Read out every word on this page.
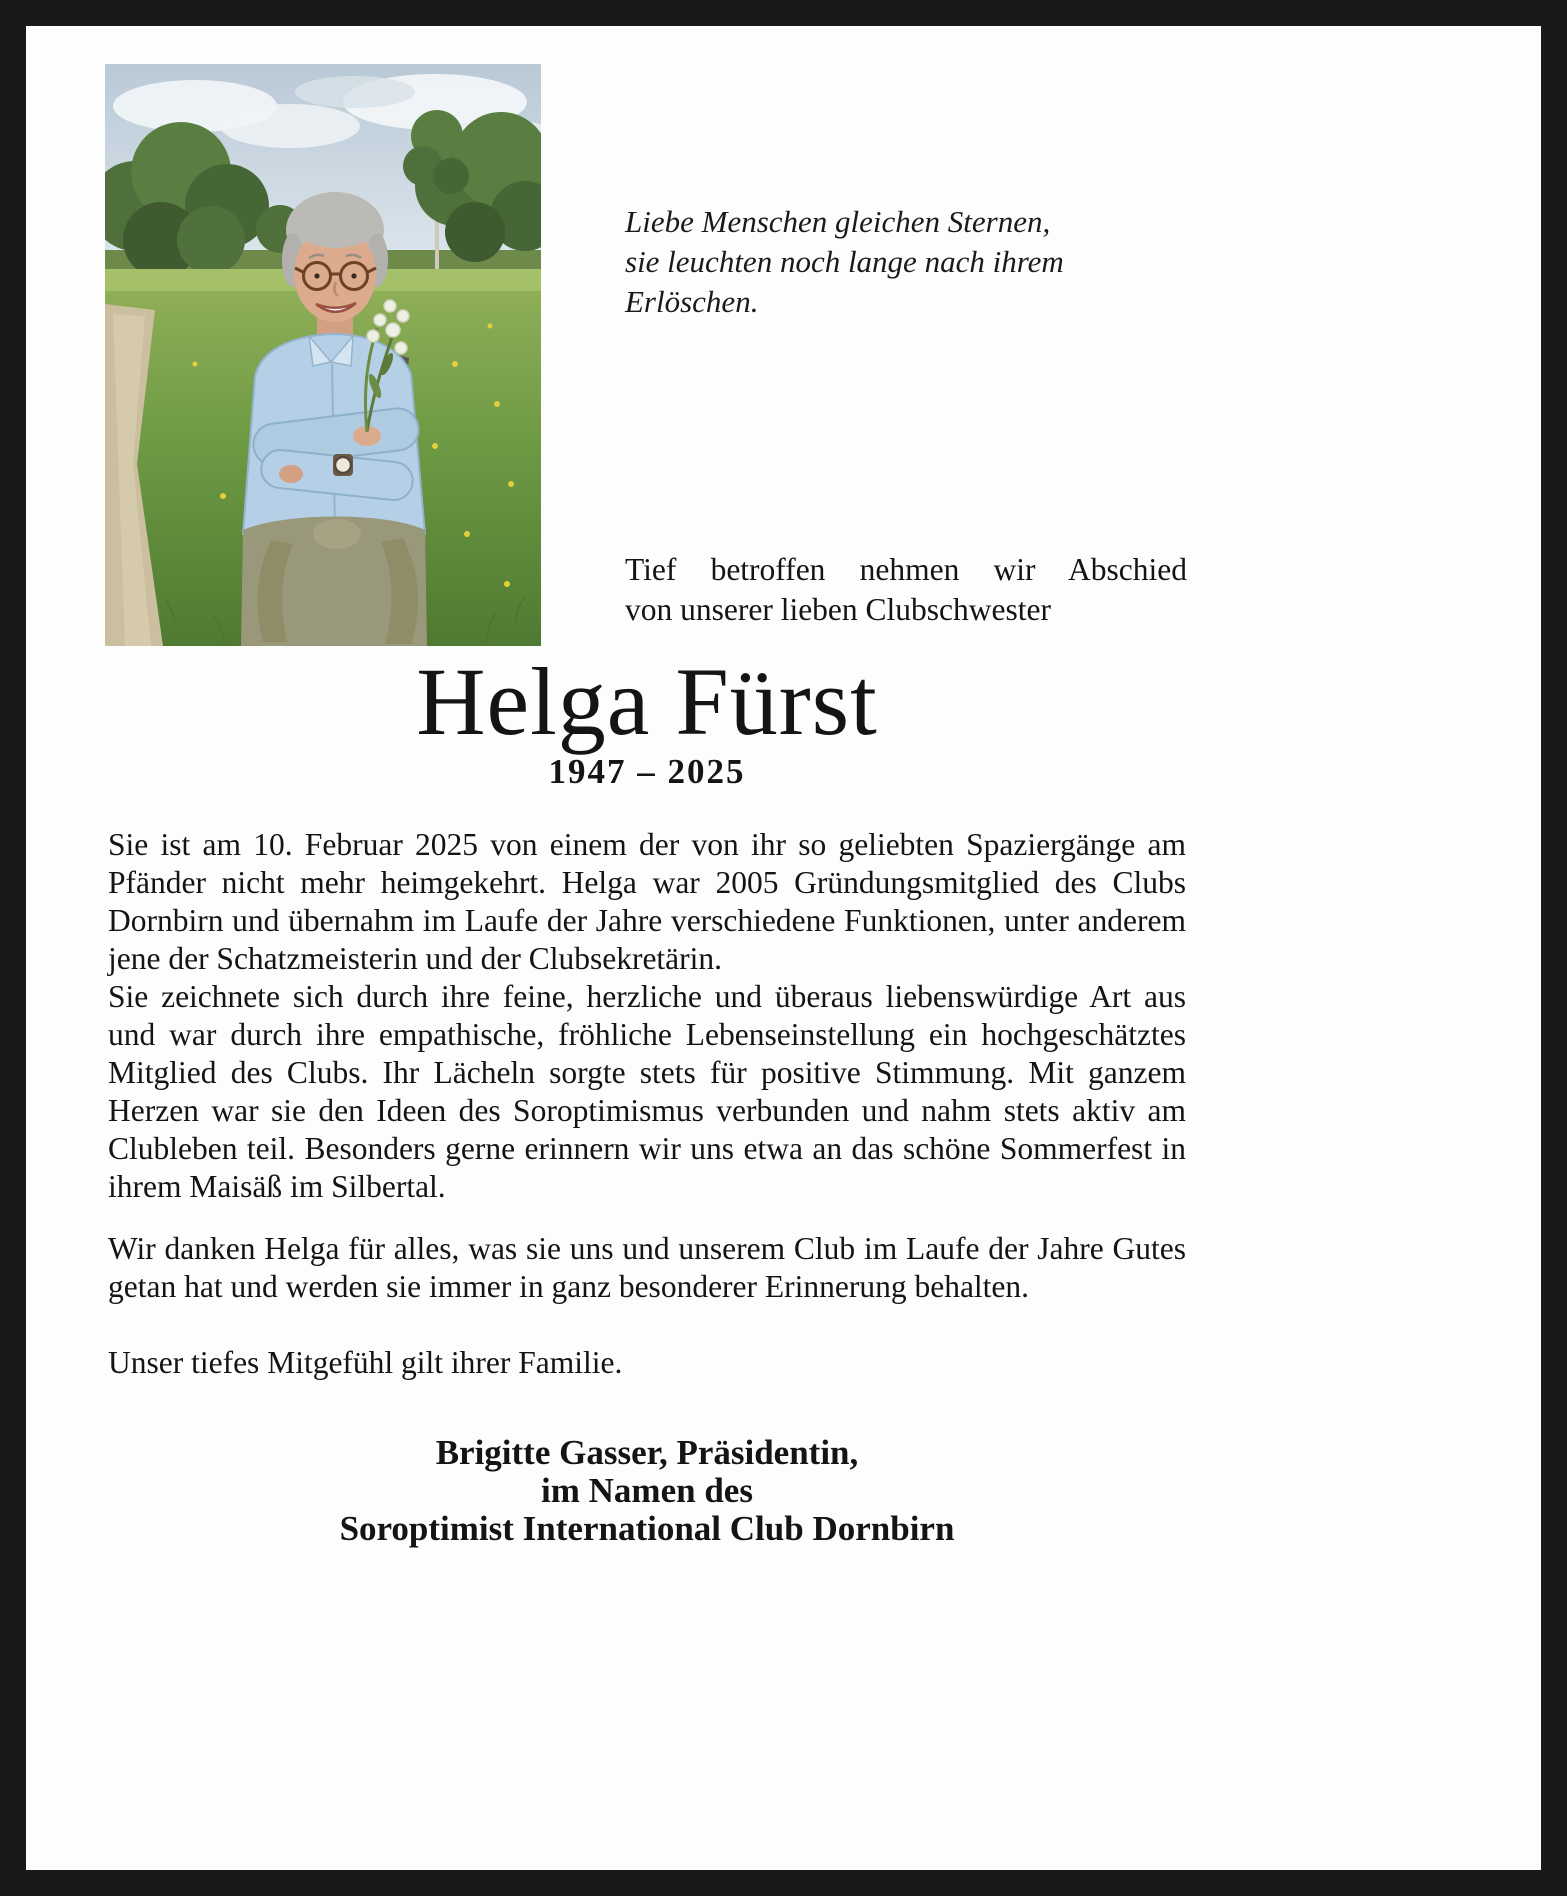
Liebe Menschen gleichen Sternen,
sie leuchten noch lange nach ihrem
Erlöschen.
Tief betroffen nehmen wir Abschied
von unserer lieben Clubschwester
Helga Fürst
1947 – 2025

Sie ist am 10. Februar 2025 von einem der von ihr so geliebten Spaziergänge am Pfänder nicht mehr heimgekehrt. Helga war 2005 Gründungsmitglied des Clubs Dornbirn und übernahm im Laufe der Jahre verschiedene Funktionen, unter anderem jene der Schatzmeisterin und der Clubsekretärin.

Sie zeichnete sich durch ihre feine, herzliche und überaus liebenswürdige Art aus und war durch ihre empathische, fröhliche Lebenseinstellung ein hochgeschätztes Mitglied des Clubs. Ihr Lächeln sorgte stets für positive Stimmung. Mit ganzem Herzen war sie den Ideen des Soroptimismus verbunden und nahm stets aktiv am Clubleben teil. Besonders gerne erinnern wir uns etwa an das schöne Sommerfest in ihrem Maisäß im Silbertal.

Wir danken Helga für alles, was sie uns und unserem Club im Laufe der Jahre Gutes getan hat und werden sie immer in ganz besonderer Erinnerung behalten.

Unser tiefes Mitgefühl gilt ihrer Familie.

Brigitte Gasser, Präsidentin,
im Namen des
Soroptimist International Club Dornbirn
